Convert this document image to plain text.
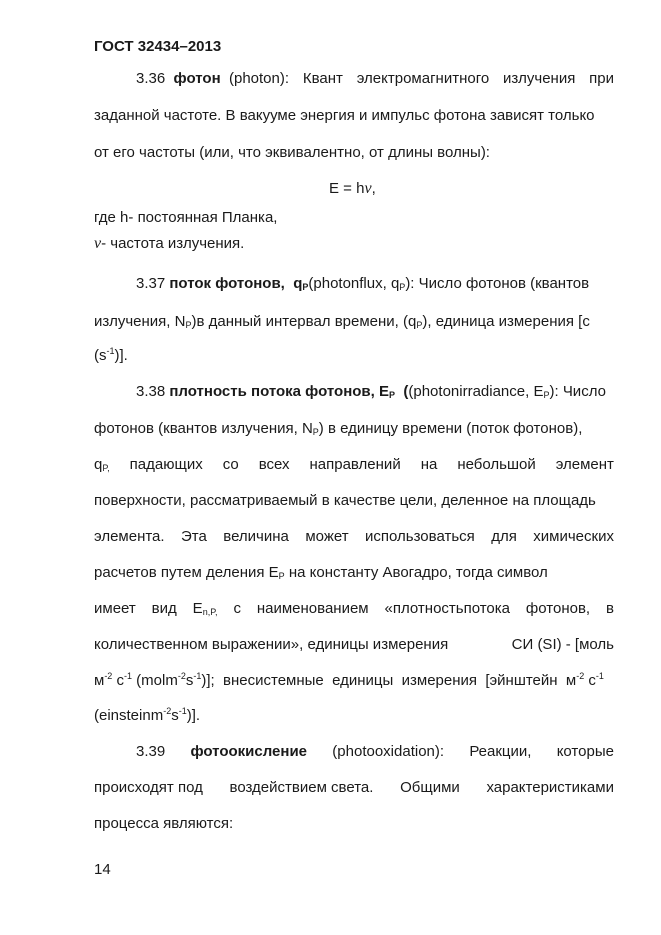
ГОСТ 32434–2013
3.36 фотон (photon): Квант электромагнитного излучения при
заданной частоте. В вакууме энергия и импульс фотона зависят только
от его частоты (или, что эквивалентно, от длины волны):
E = hν,
где h- постоянная Планка,
ν- частота излучения.
3.37 поток фотонов, $q_P(photonflux$, $q_P$): Число фотонов (квантов
излучения, $N_P)в$ данный интервал времени, $(q_P)$, единица измерения [с
$(s^{-1})$].
3.38 плотность потока фотонов, $E_P$ ((photonirradiance, $E_P$): Число
фотонов (квантов излучения, $N_P$) в единицу времени (поток фотонов),
$q_{P,}$ падающих со всех направлений на небольшой элемент
поверхности, рассматриваемый в качестве цели, деленное на площадь
элемента. Эта величина может использоваться для химических
расчетов путем деления $E_P$ на константу Авогадро, тогда символ
имеет вид $E_{n,P,}$ с наименованием «плотностьпотока фотонов, в
количественном выражении», единицы измерения	СИ (SI) - [моль
$м^{-2}$ $с^{-1}$ $(molm^{-2}s^{-1})$];  внесистемные  единицы  измерения  [эйнштейн  $м^{-2}$ $с^{-1}$
$(einsteinm^{-2}s^{-1})$].
3.39 фотоокисление (photooxidation): Реакции, которые
происходят под воздействием света. Общими характеристиками
процесса являются:
14
